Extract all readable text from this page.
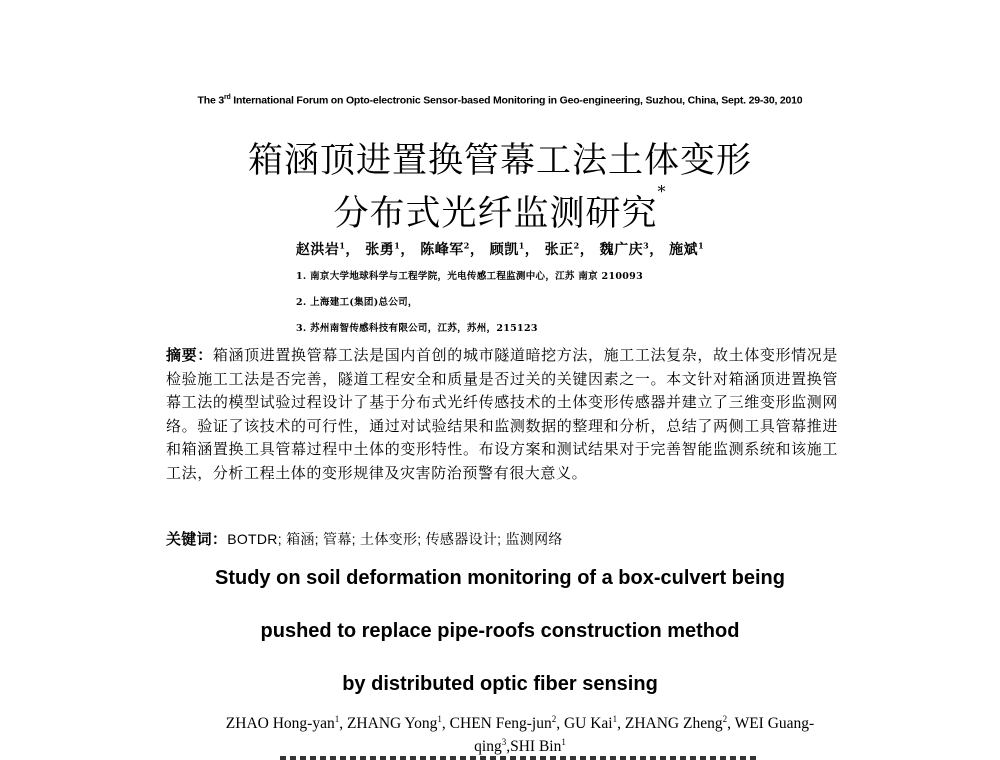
The 3rd International Forum on Opto-electronic Sensor-based Monitoring in Geo-engineering, Suzhou, China, Sept. 29-30, 2010
箱涵顶进置换管幕工法土体变形
分布式光纤监测研究*
赵洪岩$^1$， 张勇$^1$， 陈峰军$^2$， 顾凯$^1$， 张正$^2$， 魏广庆$^3$， 施斌$^1$
1. 南京大学地球科学与工程学院，光电传感工程监测中心，江苏 南京 210093
2. 上海建工(集团)总公司，
3. 苏州南智传感科技有限公司，江苏，苏州，215123
摘要：箱涵顶进置换管幕工法是国内首创的城市隧道暗挖方法，施工工法复杂，故土体变形情况是检验施工工法是否完善，隧道工程安全和质量是否过关的关键因素之一。本文针对箱涵顶进置换管幕工法的模型试验过程设计了基于分布式光纤传感技术的土体变形传感器并建立了三维变形监测网络。验证了该技术的可行性，通过对试验结果和监测数据的整理和分析，总结了两侧工具管幕推进和箱涵置换工具管幕过程中土体的变形特性。布设方案和测试结果对于完善智能监测系统和该施工工法，分析工程土体的变形规律及灾害防治预警有很大意义。
关键词：BOTDR; 箱涵; 管幕; 土体变形; 传感器设计; 监测网络
Study on soil deformation monitoring of a box-culvert being
pushed to replace pipe-roofs construction method
by distributed optic fiber sensing
ZHAO Hong-yan$^1$, ZHANG Yong$^1$, CHEN Feng-jun$^2$, GU Kai$^1$, ZHANG Zheng$^2$, WEI Guang-qing$^3$,SHI Bin$^1$
